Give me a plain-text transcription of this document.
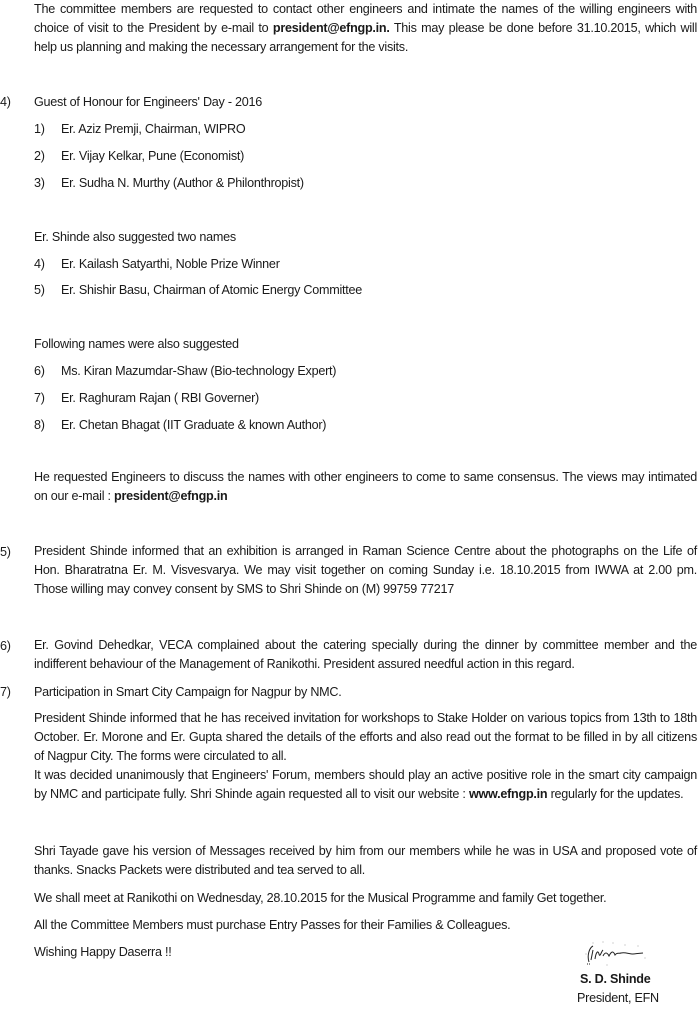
The committee members are requested to contact other engineers and intimate the names of the willing engineers with choice of visit to the President by e-mail to president@efngp.in. This may please be done before 31.10.2015, which will help us planning and making the necessary arrangement for the visits.
4) Guest of Honour for Engineers' Day - 2016
1) Er. Aziz Premji, Chairman, WIPRO
2) Er. Vijay Kelkar, Pune (Economist)
3) Er. Sudha N. Murthy (Author & Philonthropist)
Er. Shinde also suggested two names
4) Er. Kailash Satyarthi, Noble Prize Winner
5) Er. Shishir Basu, Chairman of Atomic Energy Committee
Following names were also suggested
6) Ms. Kiran Mazumdar-Shaw (Bio-technology Expert)
7) Er. Raghuram Rajan ( RBI Governer)
8) Er. Chetan Bhagat (IIT Graduate & known Author)
He requested Engineers to discuss the names with other engineers to come to same consensus. The views may intimated on our e-mail : president@efngp.in
5) President Shinde informed that an exhibition is arranged in Raman Science Centre about the photographs on the Life of Hon. Bharatratna Er. M. Visvesvarya. We may visit together on coming Sunday i.e. 18.10.2015 from IWWA at 2.00 pm. Those willing may convey consent by SMS to Shri Shinde on (M) 99759 77217
6) Er. Govind Dehedkar, VECA complained about the catering specially during the dinner by committee member and the indifferent behaviour of the Management of Ranikothi. President assured needful action in this regard.
7) Participation in Smart City Campaign for Nagpur by NMC.
President Shinde informed that he has received invitation for workshops to Stake Holder on various topics from 13th to 18th October. Er. Morone and Er. Gupta shared the details of the efforts and also read out the format to be filled in by all citizens of Nagpur City. The forms were circulated to all.
It was decided unanimously that Engineers' Forum, members should play an active positive role in the smart city campaign by NMC and participate fully. Shri Shinde again requested all to visit our website : www.efngp.in regularly for the updates.
Shri Tayade gave his version of Messages received by him from our members while he was in USA and proposed vote of thanks. Snacks Packets were distributed and tea served to all.
We shall meet at Ranikothi on Wednesday, 28.10.2015 for the Musical Programme and family Get together.
All the Committee Members must purchase Entry Passes for their Families & Colleagues.
Wishing Happy Daserra !!
S. D. Shinde
President, EFN
